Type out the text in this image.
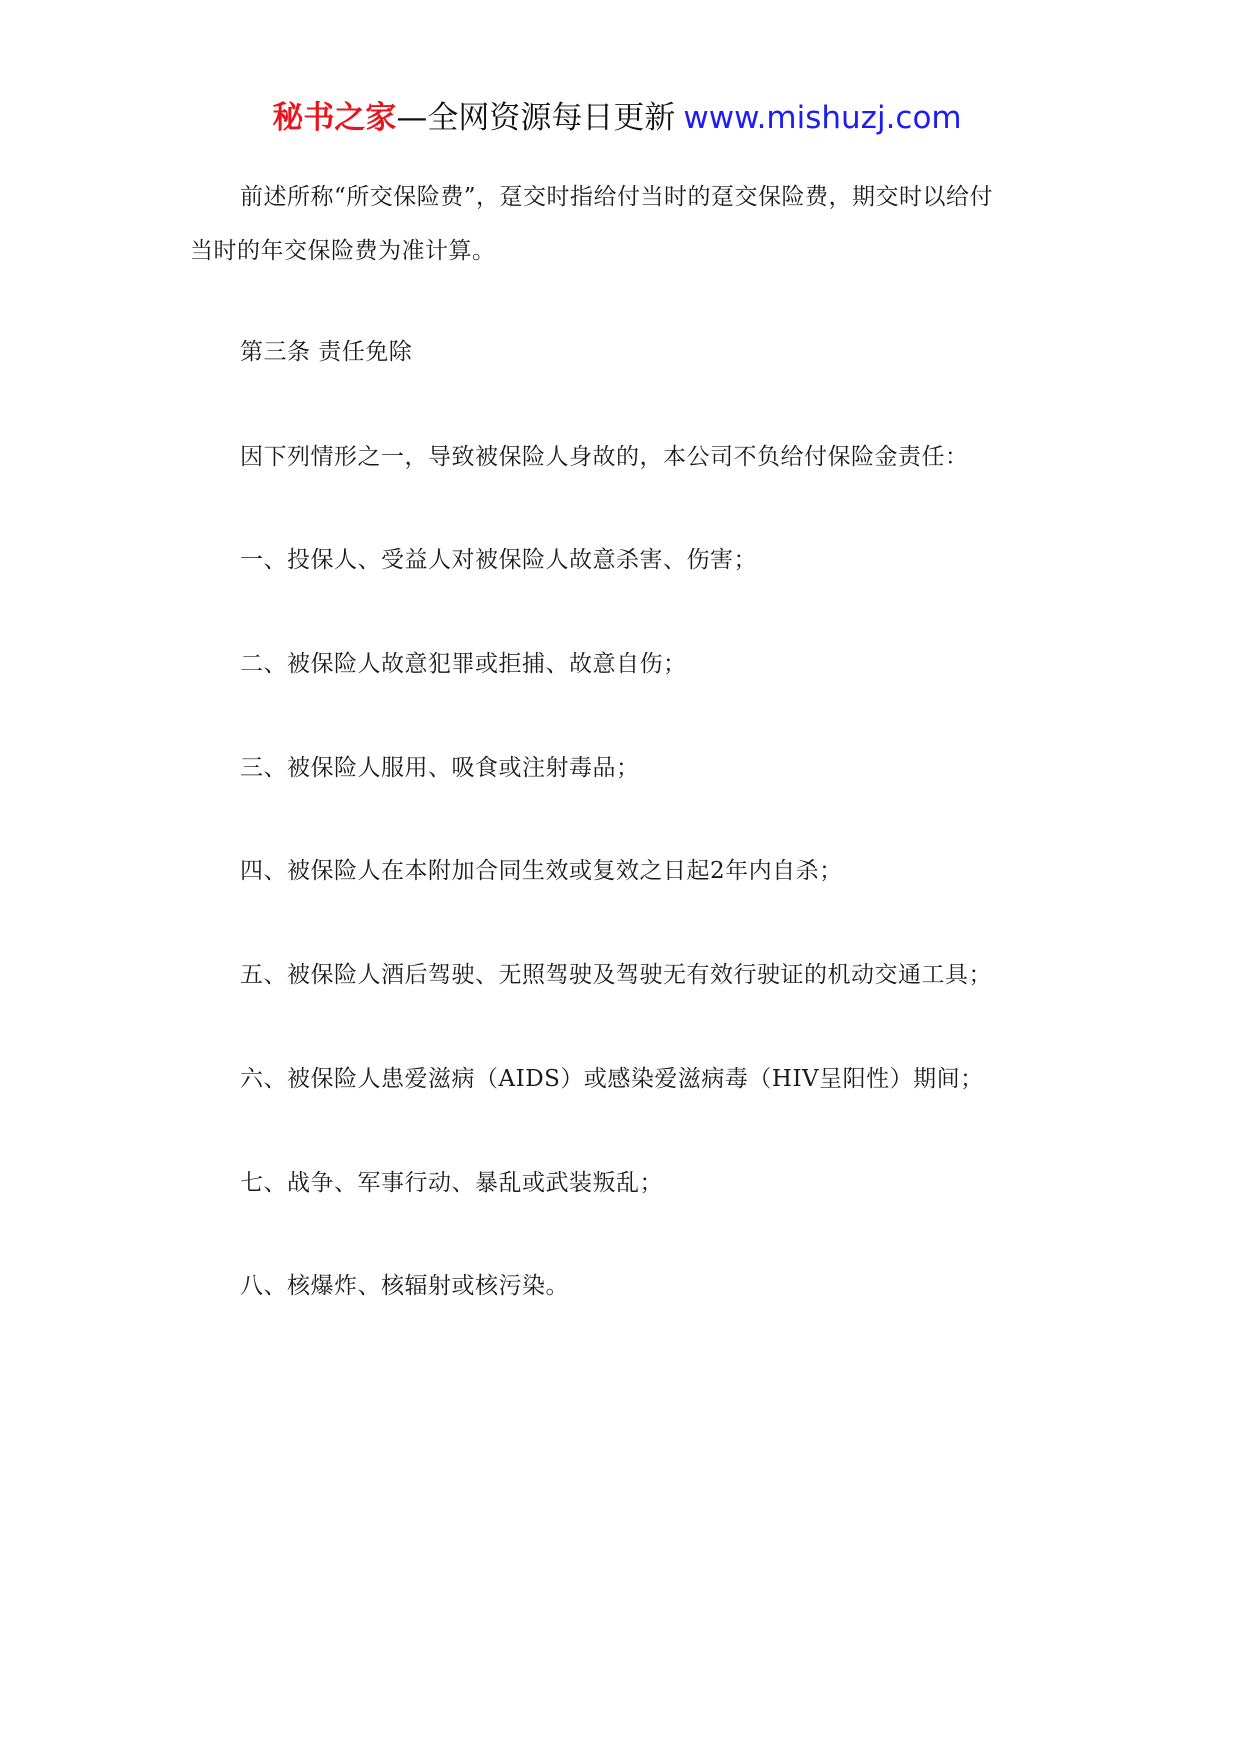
秘书之家—全网资源每日更新 www.mishuzj.com

前述所称“所交保险费”，趸交时指给付当时的趸交保险费，期交时以给付

当时的年交保险费为准计算。

第三条 责任免除

因下列情形之一，导致被保险人身故的，本公司不负给付保险金责任：

一、投保人、受益人对被保险人故意杀害、伤害；

二、被保险人故意犯罪或拒捕、故意自伤；

三、被保险人服用、吸食或注射毒品；

四、被保险人在本附加合同生效或复效之日起2年内自杀；

五、被保险人酒后驾驶、无照驾驶及驾驶无有效行驶证的机动交通工具；

六、被保险人患爱滋病（AIDS）或感染爱滋病毒（HIV呈阳性）期间；

七、战争、军事行动、暴乱或武装叛乱；

八、核爆炸、核辐射或核污染。
